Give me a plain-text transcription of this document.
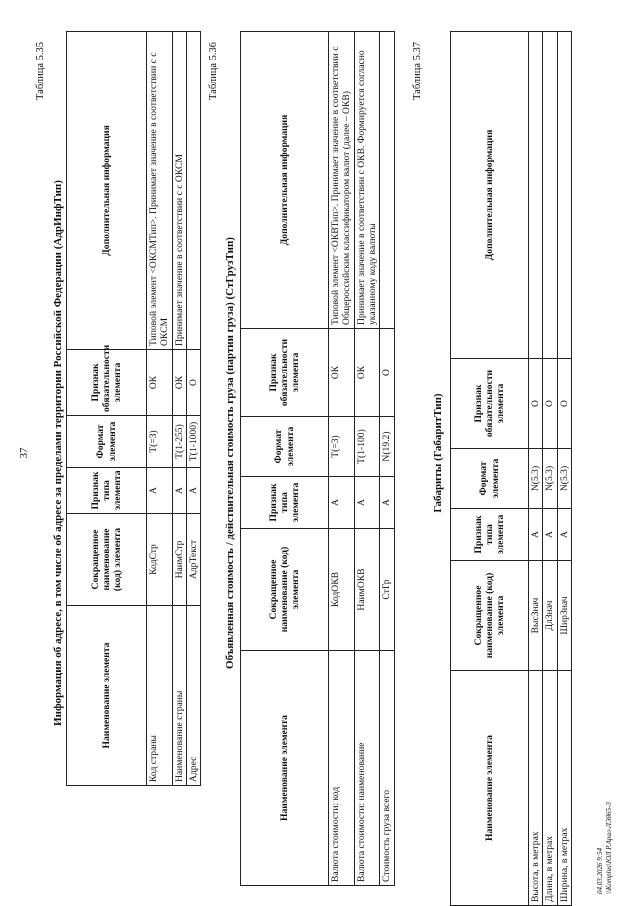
37
Таблица 5.35
Информация об адресе, в том числе об адресе за пределами территории Российской Федерации (АдрИнфТип)	Наименование элемента	Сокращенное наименование (код) элемента	Признак типа элемента	Формат элемента	Признак обязательности элемента	Дополнительная информация
Код страны	КодСтр	А	Т(=3)	ОК	Типовой элемент <ОКСМТип>. Принимает значение в соответствии с с ОКСМ
Наименование страны	НаимСтр	А	Т(1-255)	ОК	Принимает значение в соответствии с с ОКСМ
Адрес	АдрТекст	А	Т(1-1000)	О	
Таблица 5.36
Объявленная стоимость / действительная стоимость груза (партии груза) (СтГрузТип)
Наименование элемента	Сокращенное наименование (код) элемента	Признак типа элемента	Формат элемента	Признак обязательности элемента	Дополнительная информация
Валюта стоимости: код	КодОКВ	А	Т(=3)	ОК	Типовой элемент <ОКВТип>. Принимает значение в соответствии с Общероссийским классификатором валют (далее – ОКВ)
Валюта стоимости: наименование	НаимОКВ	А	Т(1-100)	ОК	Принимает значение в соответствии с ОКВ. Формируется согласно указанному коду валюты
Стоимость груза всего	СтГр	А	N(19.2)	О	
Таблица 5.37
Габариты (ГабаритТип)
Наименование элемента	Сокращенное наименование (код) элемента	Признак типа элемента	Формат элемента	Признак обязательности элемента	Дополнительная информация
Высота, в метрах	ВысЗнач	А	N(5.3)	О	
Длина, в метрах	ДлЗнач	А	N(5.3)	О	
Ширина, в метрах	ШирЗнач	А	N(5.3)	О	
04.03.2026 9:54 \\Komplus\ЮЛ Р.Арал-ЛЭ865-3
